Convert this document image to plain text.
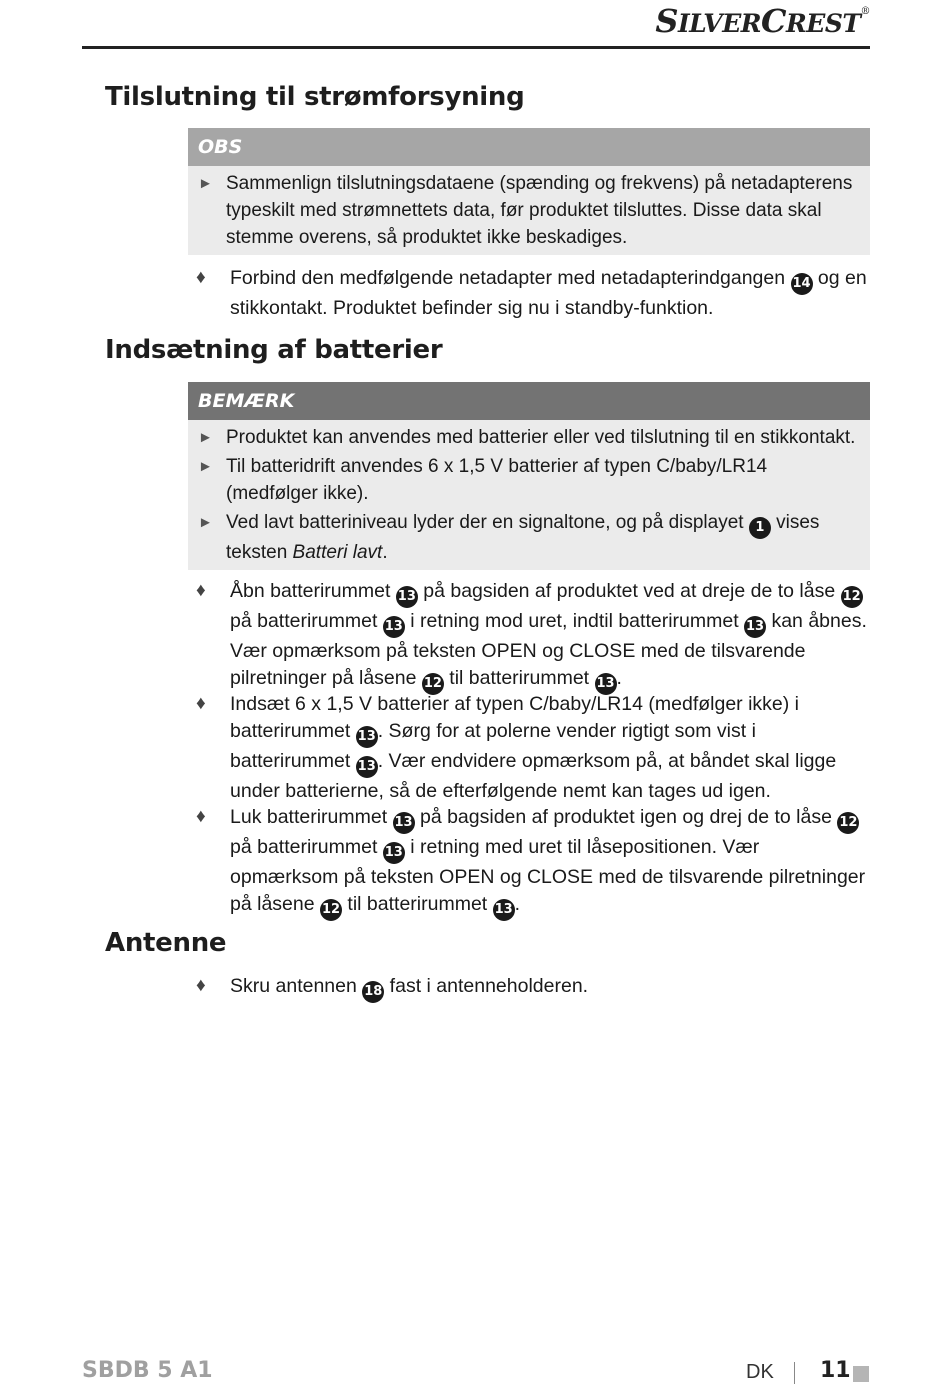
SILVERCREST®
Tilslutning til strømforsyning
OBS

► Sammenlign tilslutningsdataene (spænding og frekvens) på netadapterens typeskilt med strømnettets data, før produktet tilsluttes. Disse data skal stemme overens, så produktet ikke beskadiges.

♦ Forbind den medfølgende netadapter med netadapterindgangen 14 og en stikkontakt. Produktet befinder sig nu i standby-funktion.
Indsætning af batterier
BEMÆRK

► Produktet kan anvendes med batterier eller ved tilslutning til en stikkontakt.

► Til batteridrift anvendes 6 x 1,5 V batterier af typen C/baby/LR14 (medfølger ikke).

► Ved lavt batteriniveau lyder der en signaltone, og på displayet 1 vises teksten Batteri lavt.

♦ Åbn batterirummet 13 på bagsiden af produktet ved at dreje de to låse 12 på batterirummet 13 i retning mod uret, indtil batterirummet 13 kan åbnes. Vær opmærksom på teksten OPEN og CLOSE med de tilsvarende pilretninger på låsene 12 til batterirummet 13 .
♦ Indsæt 6 x 1,5 V batterier af typen C/baby/LR14 (medfølger ikke) i batterirummet 13 . Sørg for at polerne vender rigtigt som vist i batterirummet 13 . Vær endvidere opmærksom på, at båndet skal ligge under batterierne, så de efterfølgende nemt kan tages ud igen.
♦ Luk batterirummet 13 på bagsiden af produktet igen og drej de to låse 12 på batterirummet 13 i retning med uret til låsepositionen. Vær opmærksom på teksten OPEN og CLOSE med de tilsvarende pilretninger på låsene 12 til batterirummet 13 .
Antenne
♦ Skru antennen 18 fast i antenneholderen.
SBDB 5 A1	DK 11
